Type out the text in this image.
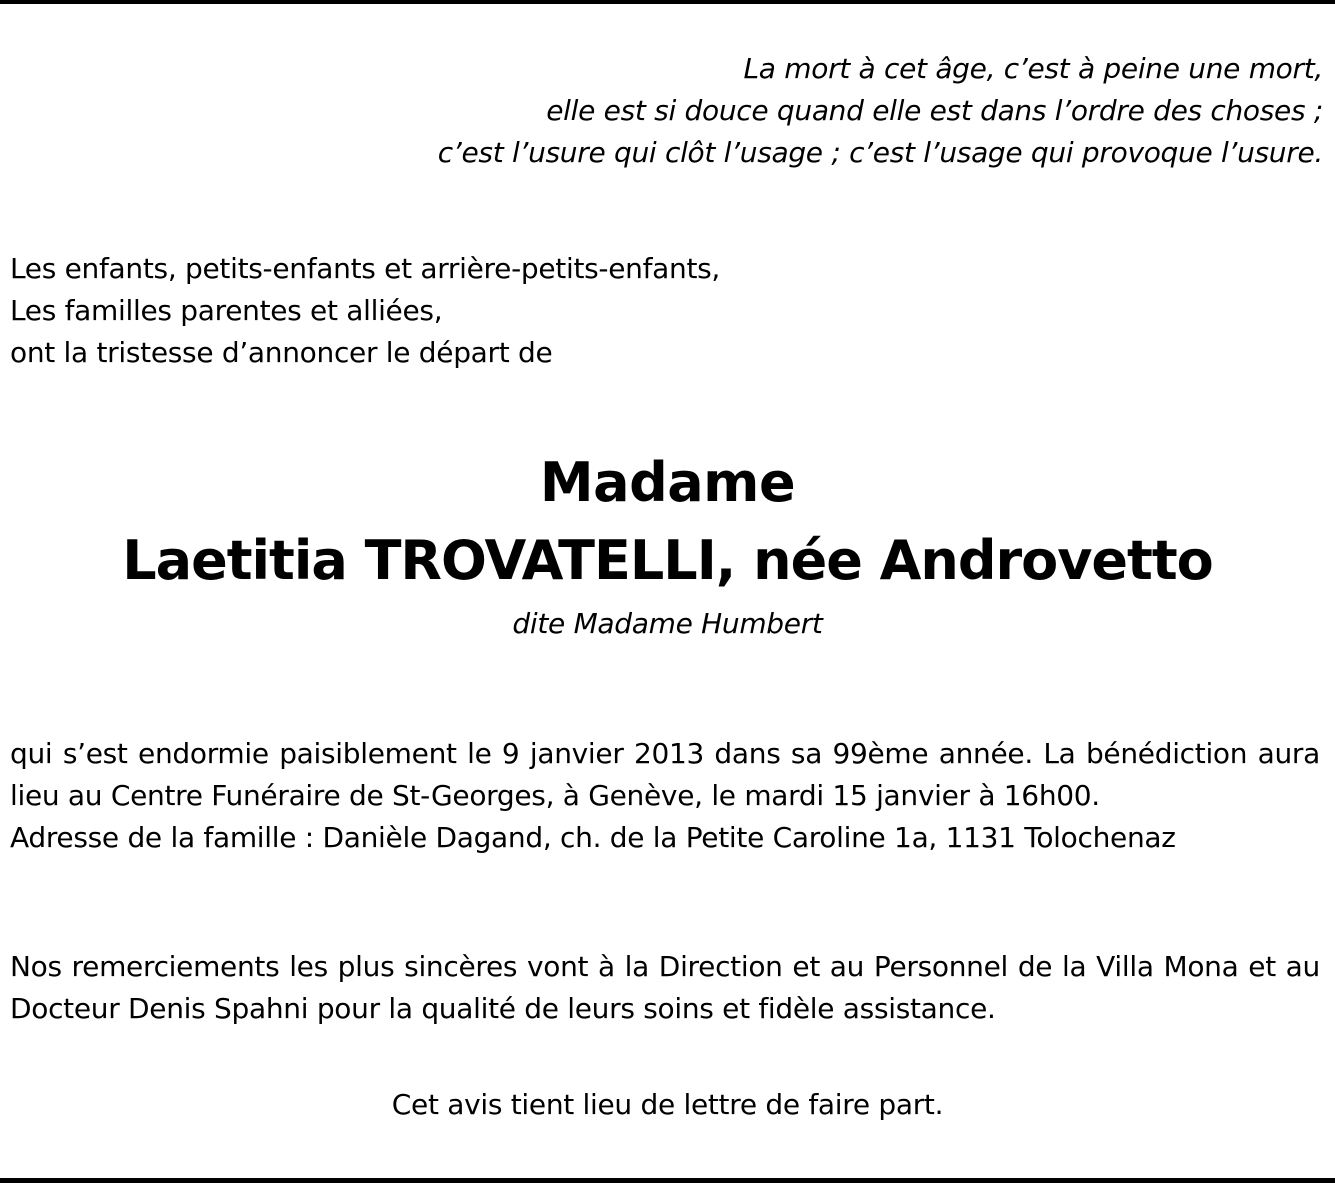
La mort à cet âge, c’est à peine une mort,
elle est si douce quand elle est dans l’ordre des choses ;
c’est l’usure qui clôt l’usage ; c’est l’usage qui provoque l’usure.
Les enfants, petits-enfants et arrière-petits-enfants,
Les familles parentes et alliées,
ont la tristesse d’annoncer le départ de
Madame
Laetitia TROVATELLI, née Androvetto
dite Madame Humbert
qui s’est endormie paisiblement le 9 janvier 2013 dans sa 99ème année. La bénédiction aura lieu au Centre Funéraire de St-Georges, à Genève, le mardi 15 janvier à 16h00.
Adresse de la famille : Danièle Dagand, ch. de la Petite Caroline 1a, 1131 Tolochenaz
Nos remerciements les plus sincères vont à la Direction et au Personnel de la Villa Mona et au Docteur Denis Spahni pour la qualité de leurs soins et fidèle assistance.
Cet avis tient lieu de lettre de faire part.
